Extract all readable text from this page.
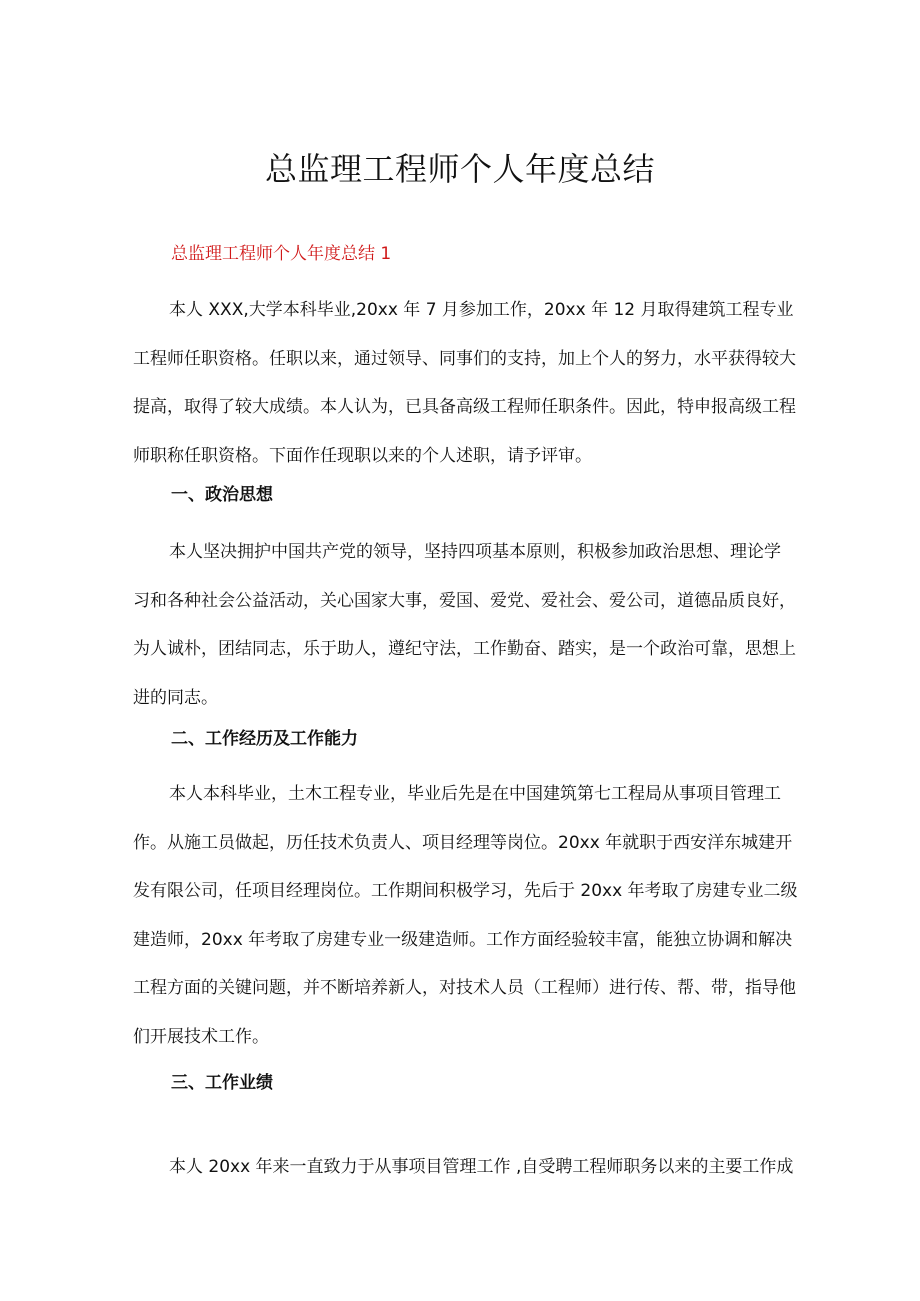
总监理工程师个人年度总结
总监理工程师个人年度总结 1
本人 XXX,大学本科毕业,20xx 年 7 月参加工作，20xx 年 12 月取得建筑工程专业
工程师任职资格。任职以来，通过领导、同事们的支持，加上个人的努力，水平获得较大
提高，取得了较大成绩。本人认为，已具备高级工程师任职条件。因此，特申报高级工程
师职称任职资格。下面作任现职以来的个人述职，请予评审。
一、政治思想
本人坚决拥护中国共产党的领导，坚持四项基本原则，积极参加政治思想、理论学
习和各种社会公益活动，关心国家大事，爱国、爱党、爱社会、爱公司，道德品质良好，
为人诚朴，团结同志，乐于助人，遵纪守法，工作勤奋、踏实，是一个政治可靠，思想上
进的同志。
二、工作经历及工作能力
本人本科毕业，土木工程专业，毕业后先是在中国建筑第七工程局从事项目管理工
作。从施工员做起，历任技术负责人、项目经理等岗位。20xx 年就职于西安洋东城建开
发有限公司，任项目经理岗位。工作期间积极学习，先后于 20xx 年考取了房建专业二级
建造师，20xx 年考取了房建专业一级建造师。工作方面经验较丰富，能独立协调和解决
工程方面的关键问题，并不断培养新人，对技术人员（工程师）进行传、帮、带，指导他
们开展技术工作。
三、工作业绩
本人 20xx 年来一直致力于从事项目管理工作 ,自受聘工程师职务以来的主要工作成
